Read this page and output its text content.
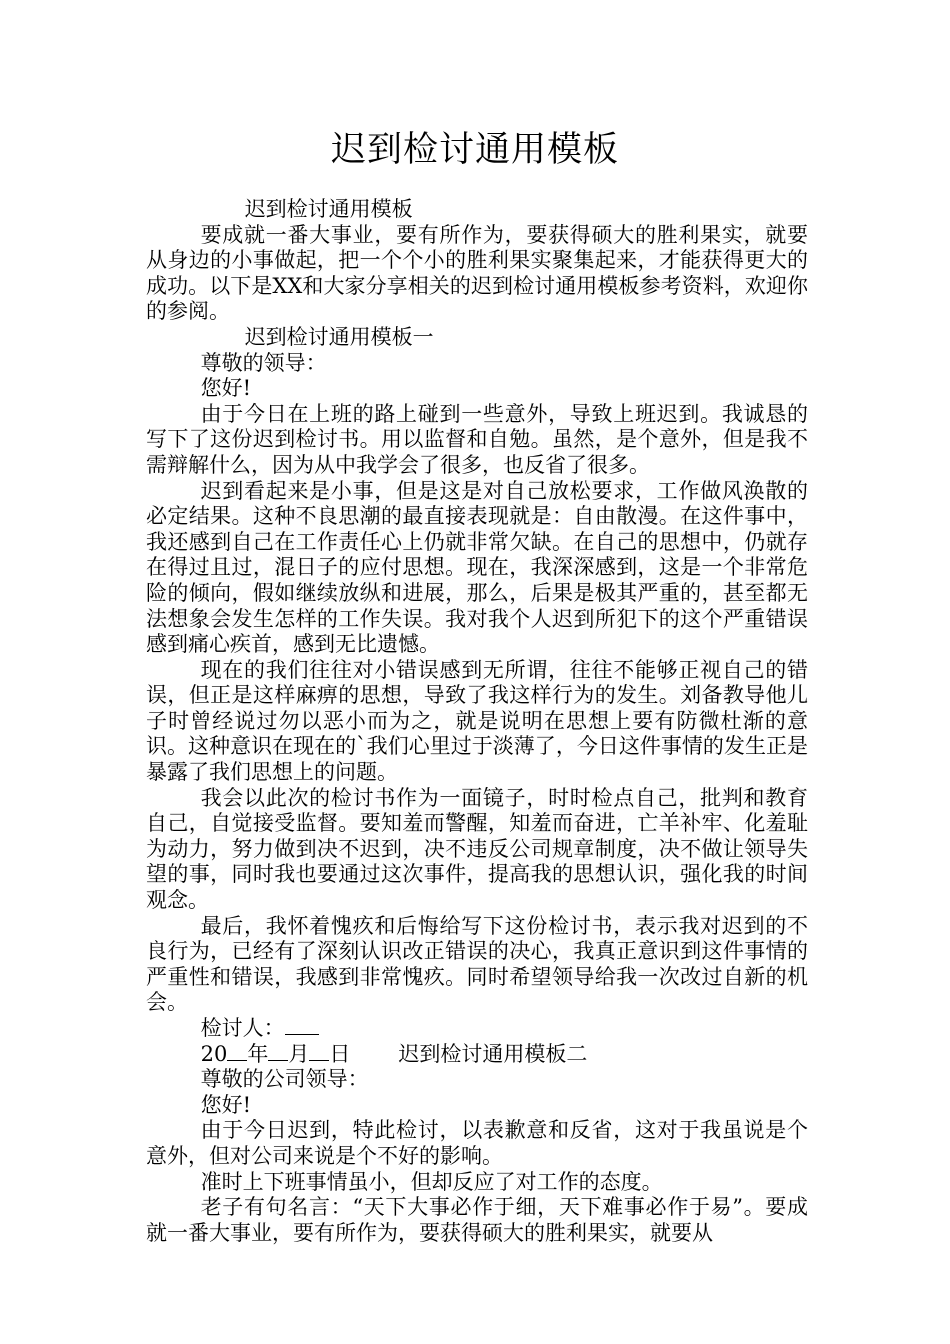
迟到检讨通用模板

迟到检讨通用模板

要成就一番大事业，要有所作为，要获得硕大的胜利果实，就要从身边的小事做起，把一个个小的胜利果实聚集起来，才能获得更大的成功。以下是XX和大家分享相关的迟到检讨通用模板参考资料，欢迎你的参阅。

迟到检讨通用模板一

尊敬的领导：

您好!

由于今日在上班的路上碰到一些意外，导致上班迟到。我诚恳的写下了这份迟到检讨书。用以监督和自勉。虽然，是个意外，但是我不需辩解什么，因为从中我学会了很多，也反省了很多。

迟到看起来是小事，但是这是对自己放松要求，工作做风涣散的必定结果。这种不良思潮的最直接表现就是：自由散漫。在这件事中，我还感到自己在工作责任心上仍就非常欠缺。在自己的思想中，仍就存在得过且过，混日子的应付思想。现在，我深深感到，这是一个非常危险的倾向，假如继续放纵和进展，那么，后果是极其严重的，甚至都无法想象会发生怎样的工作失误。我对我个人迟到所犯下的这个严重错误感到痛心疾首，感到无比遗憾。

现在的我们往往对小错误感到无所谓，往往不能够正视自己的错误，但正是这样麻痹的思想，导致了我这样行为的发生。刘备教导他儿子时曾经说过勿以恶小而为之，就是说明在思想上要有防微杜渐的意识。这种意识在现在的`我们心里过于淡薄了，今日这件事情的发生正是暴露了我们思想上的问题。

我会以此次的检讨书作为一面镜子，时时检点自己，批判和教育自己，自觉接受监督。要知羞而警醒，知羞而奋进，亡羊补牢、化羞耻为动力，努力做到决不迟到，决不违反公司规章制度，决不做让领导失望的事，同时我也要通过这次事件，提高我的思想认识，强化我的时间观念。

最后，我怀着愧疚和后悔给写下这份检讨书，表示我对迟到的不良行为，已经有了深刻认识改正错误的决心，我真正意识到这件事情的严重性和错误，我感到非常愧疚。同时希望领导给我一次改过自新的机会。

检讨人：

20 年 月 日 迟到检讨通用模板二

尊敬的公司领导：

您好!

由于今日迟到，特此检讨，以表歉意和反省，这对于我虽说是个意外，但对公司来说是个不好的影响。

准时上下班事情虽小，但却反应了对工作的态度。

老子有句名言：“天下大事必作于细，天下难事必作于易”。要成就一番大事业，要有所作为，要获得硕大的胜利果实，就要从
